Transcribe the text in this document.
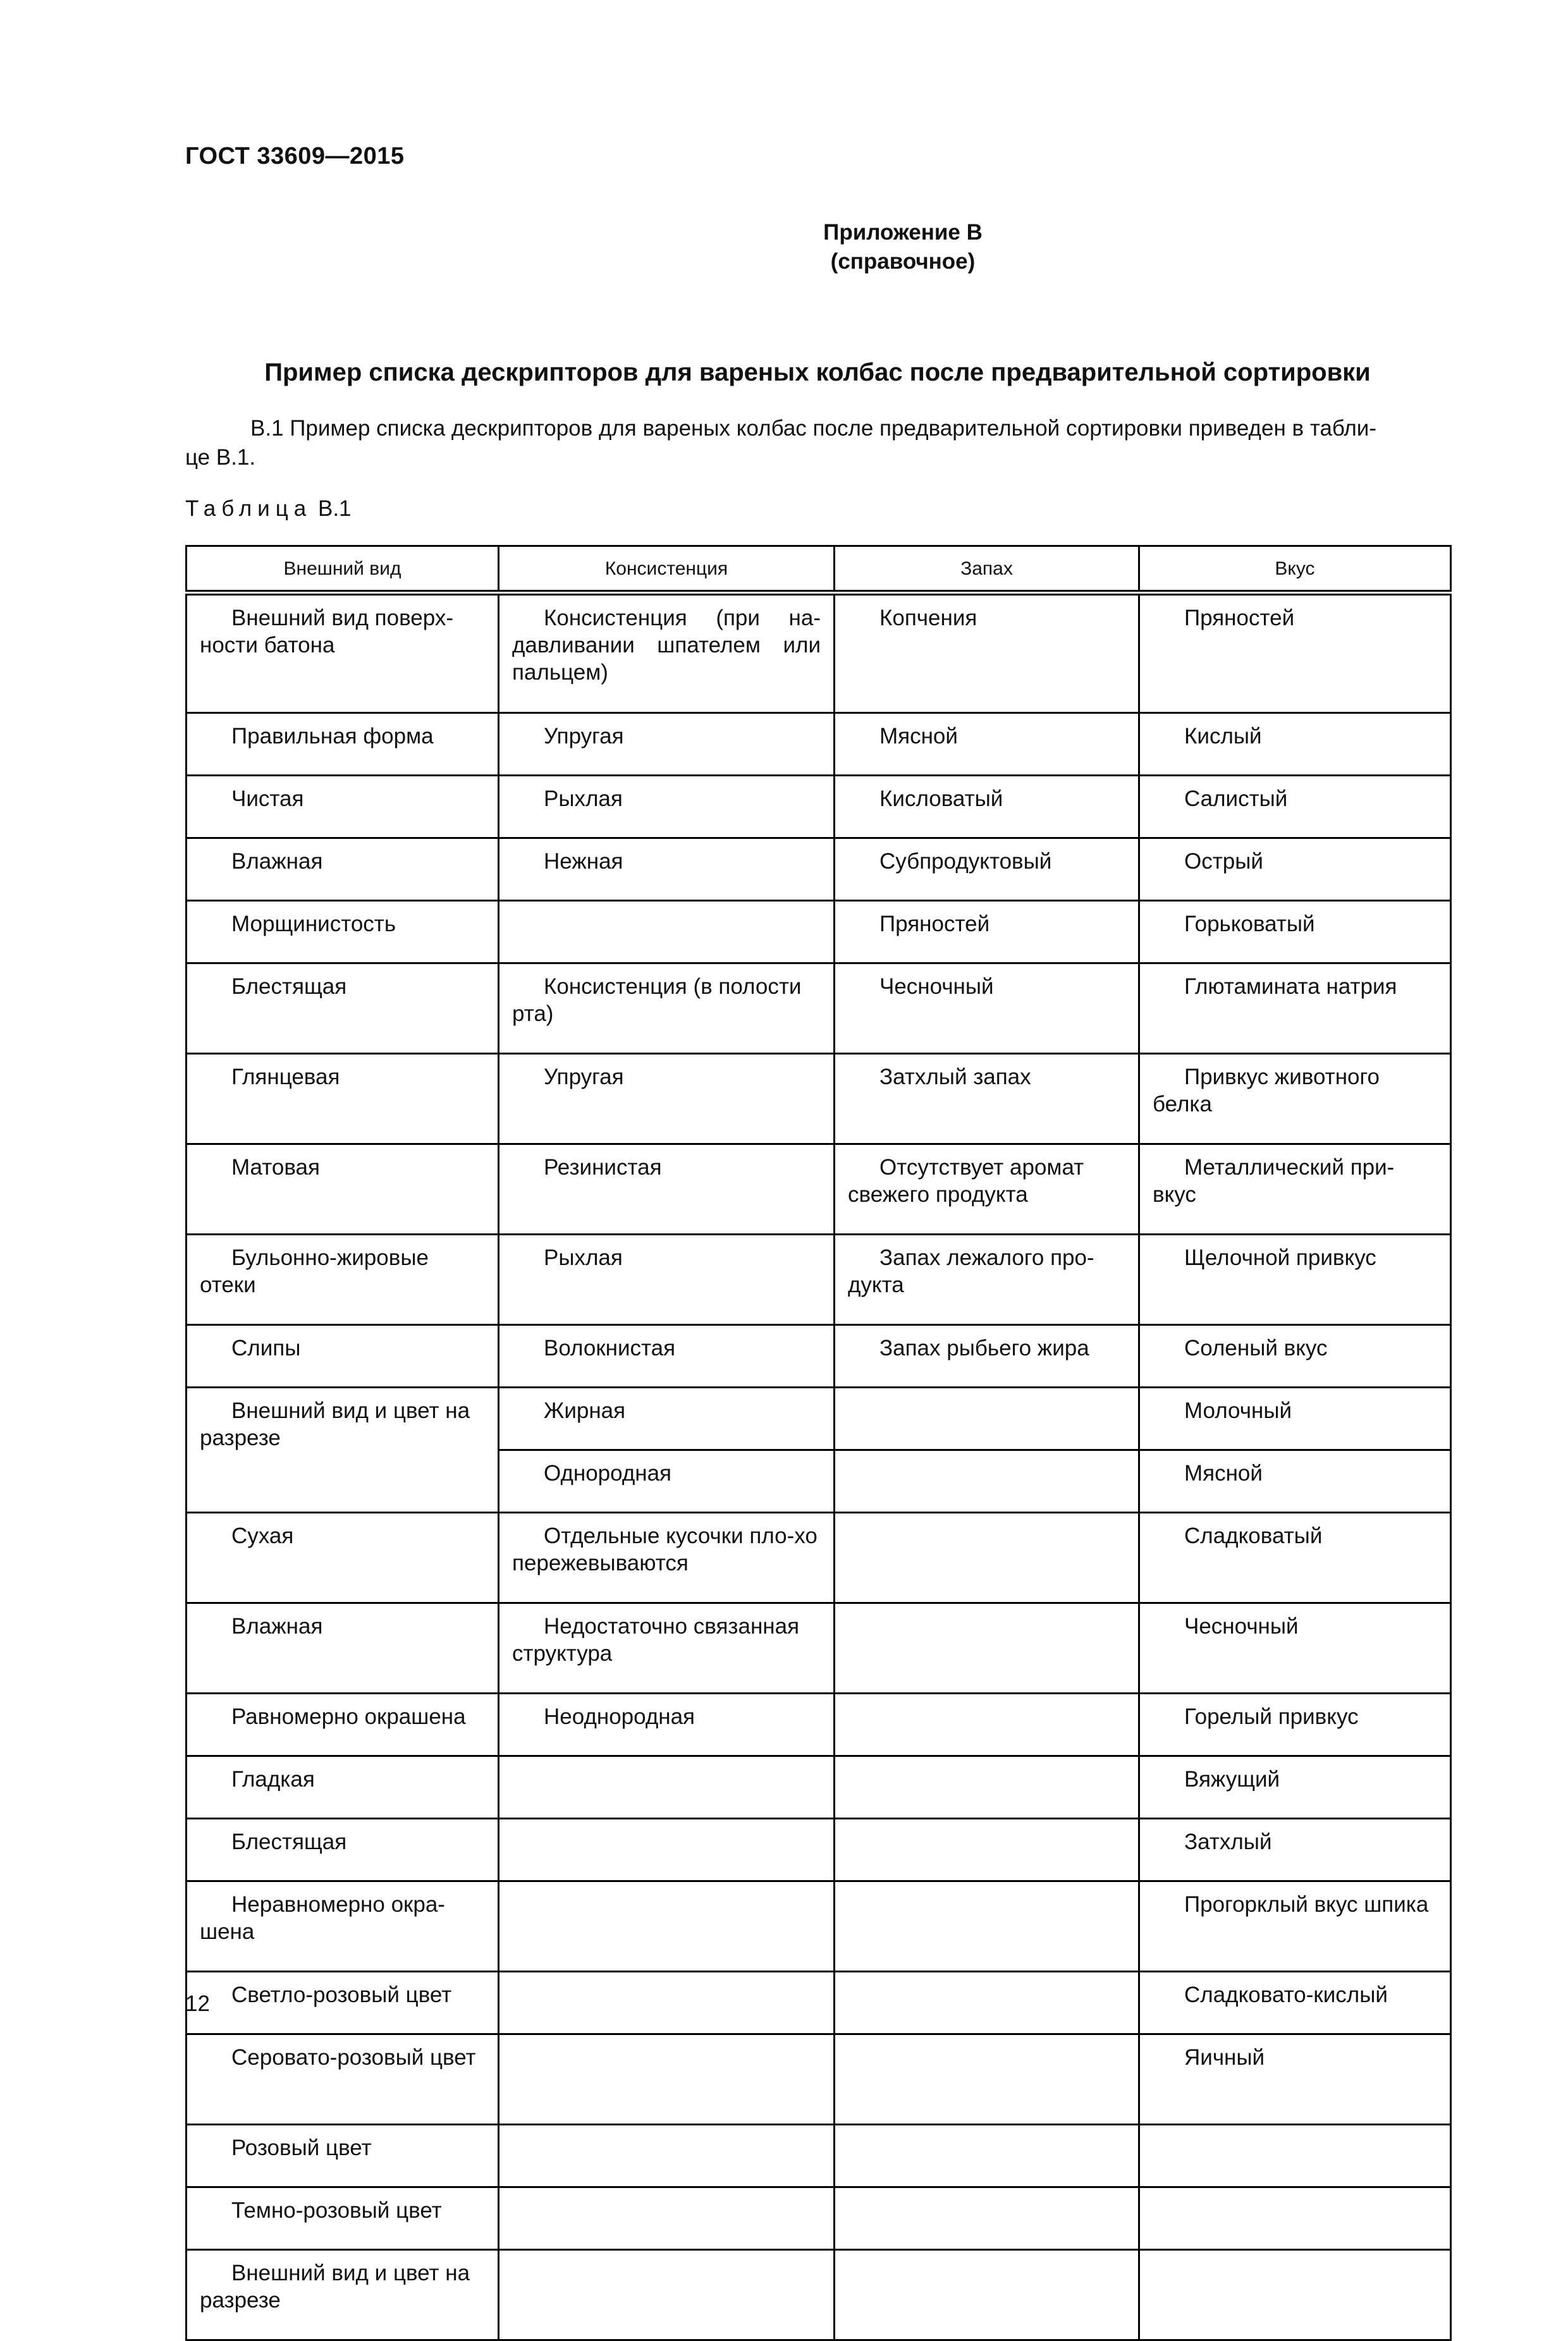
ГОСТ 33609—2015
Приложение В
(справочное)
Пример списка дескрипторов для вареных колбас после предварительной сортировки
В.1 Пример списка дескрипторов для вареных колбас после предварительной сортировки приведен в табли-
це В.1.
Таблица В.1
Внешний вид	Консистенция	Запах	Вкус
Внешний вид поверх-ности батона	Консистенция (при на-давливании шпателем или пальцем)	Копчения	Пряностей
Правильная форма	Упругая	Мясной	Кислый
Чистая	Рыхлая	Кисловатый	Салистый
Влажная	Нежная	Субпродуктовый	Острый
Морщинистость		Пряностей	Горьковатый
Блестящая	Консистенция (в полости рта)	Чесночный	Глютамината натрия
Глянцевая	Упругая	Затхлый запах	Привкус животного белка
Матовая	Резинистая	Отсутствует аромат свежего продукта	Металлический при-вкус
Бульонно-жировые отеки	Рыхлая	Запах лежалого про-дукта	Щелочной привкус
Слипы	Волокнистая	Запах рыбьего жира	Соленый вкус
Внешний вид и цвет на разрезе	Жирная		Молочный
	Однородная		Мясной
Сухая	Отдельные кусочки пло-хо пережевываются		Сладковатый
Влажная	Недостаточно связанная структура		Чесночный
Равномерно окрашена	Неоднородная		Горелый привкус
Гладкая			Вяжущий
Блестящая			Затхлый
Неравномерно окра-шена			Прогорклый вкус шпика
Светло-розовый цвет			Сладковато-кислый
Серовато-розовый цвет			Яичный
Розовый цвет			
Темно-розовый цвет			
Внешний вид и цвет на разрезе			
12
